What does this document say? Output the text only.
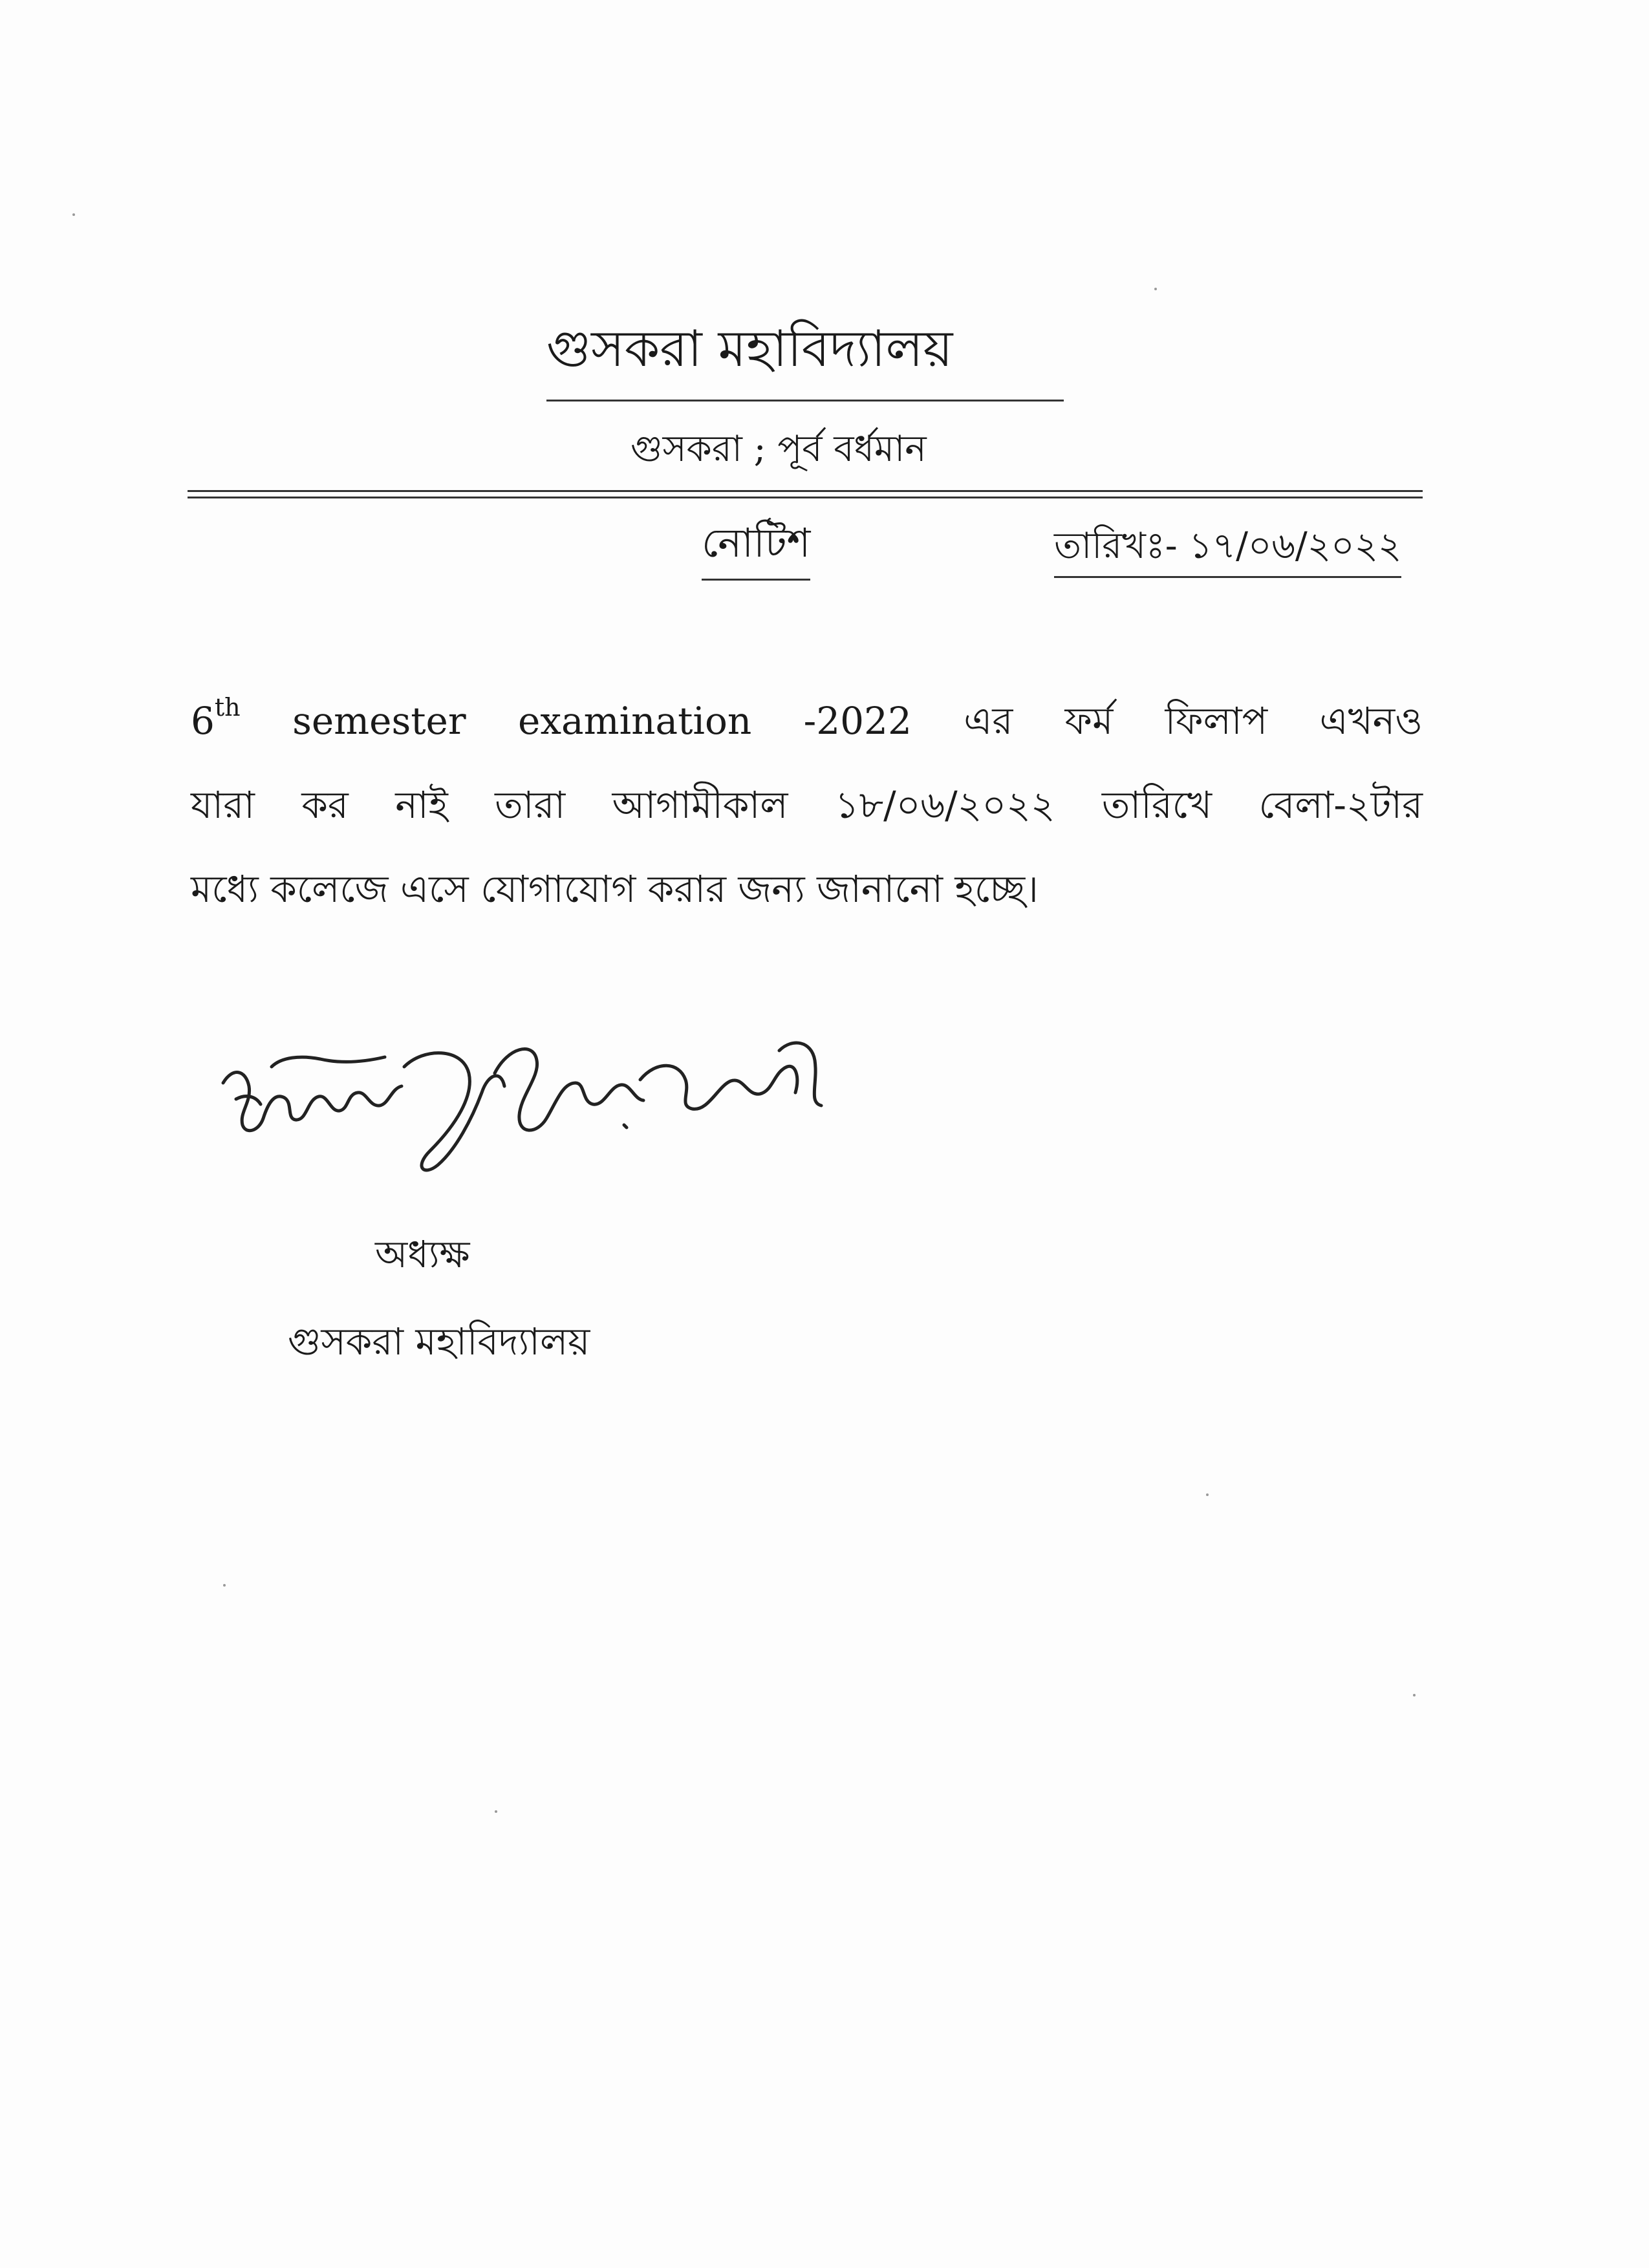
গুসকরা মহাবিদ্যালয়
গুসকরা ; পূর্ব বর্ধমান
নোটিশ	তারিখঃ- ১৭/০৬/২০২২
6th semester examination -2022 এর ফর্ম ফিলাপ এখনও
যারা কর নাই তারা আগামীকাল ১৮/০৬/২০২২ তারিখে বেলা-২টার
মধ্যে কলেজে এসে যোগাযোগ করার জন্য জানানো হচ্ছে।
অধ্যক্ষ
গুসকরা মহাবিদ্যালয়
